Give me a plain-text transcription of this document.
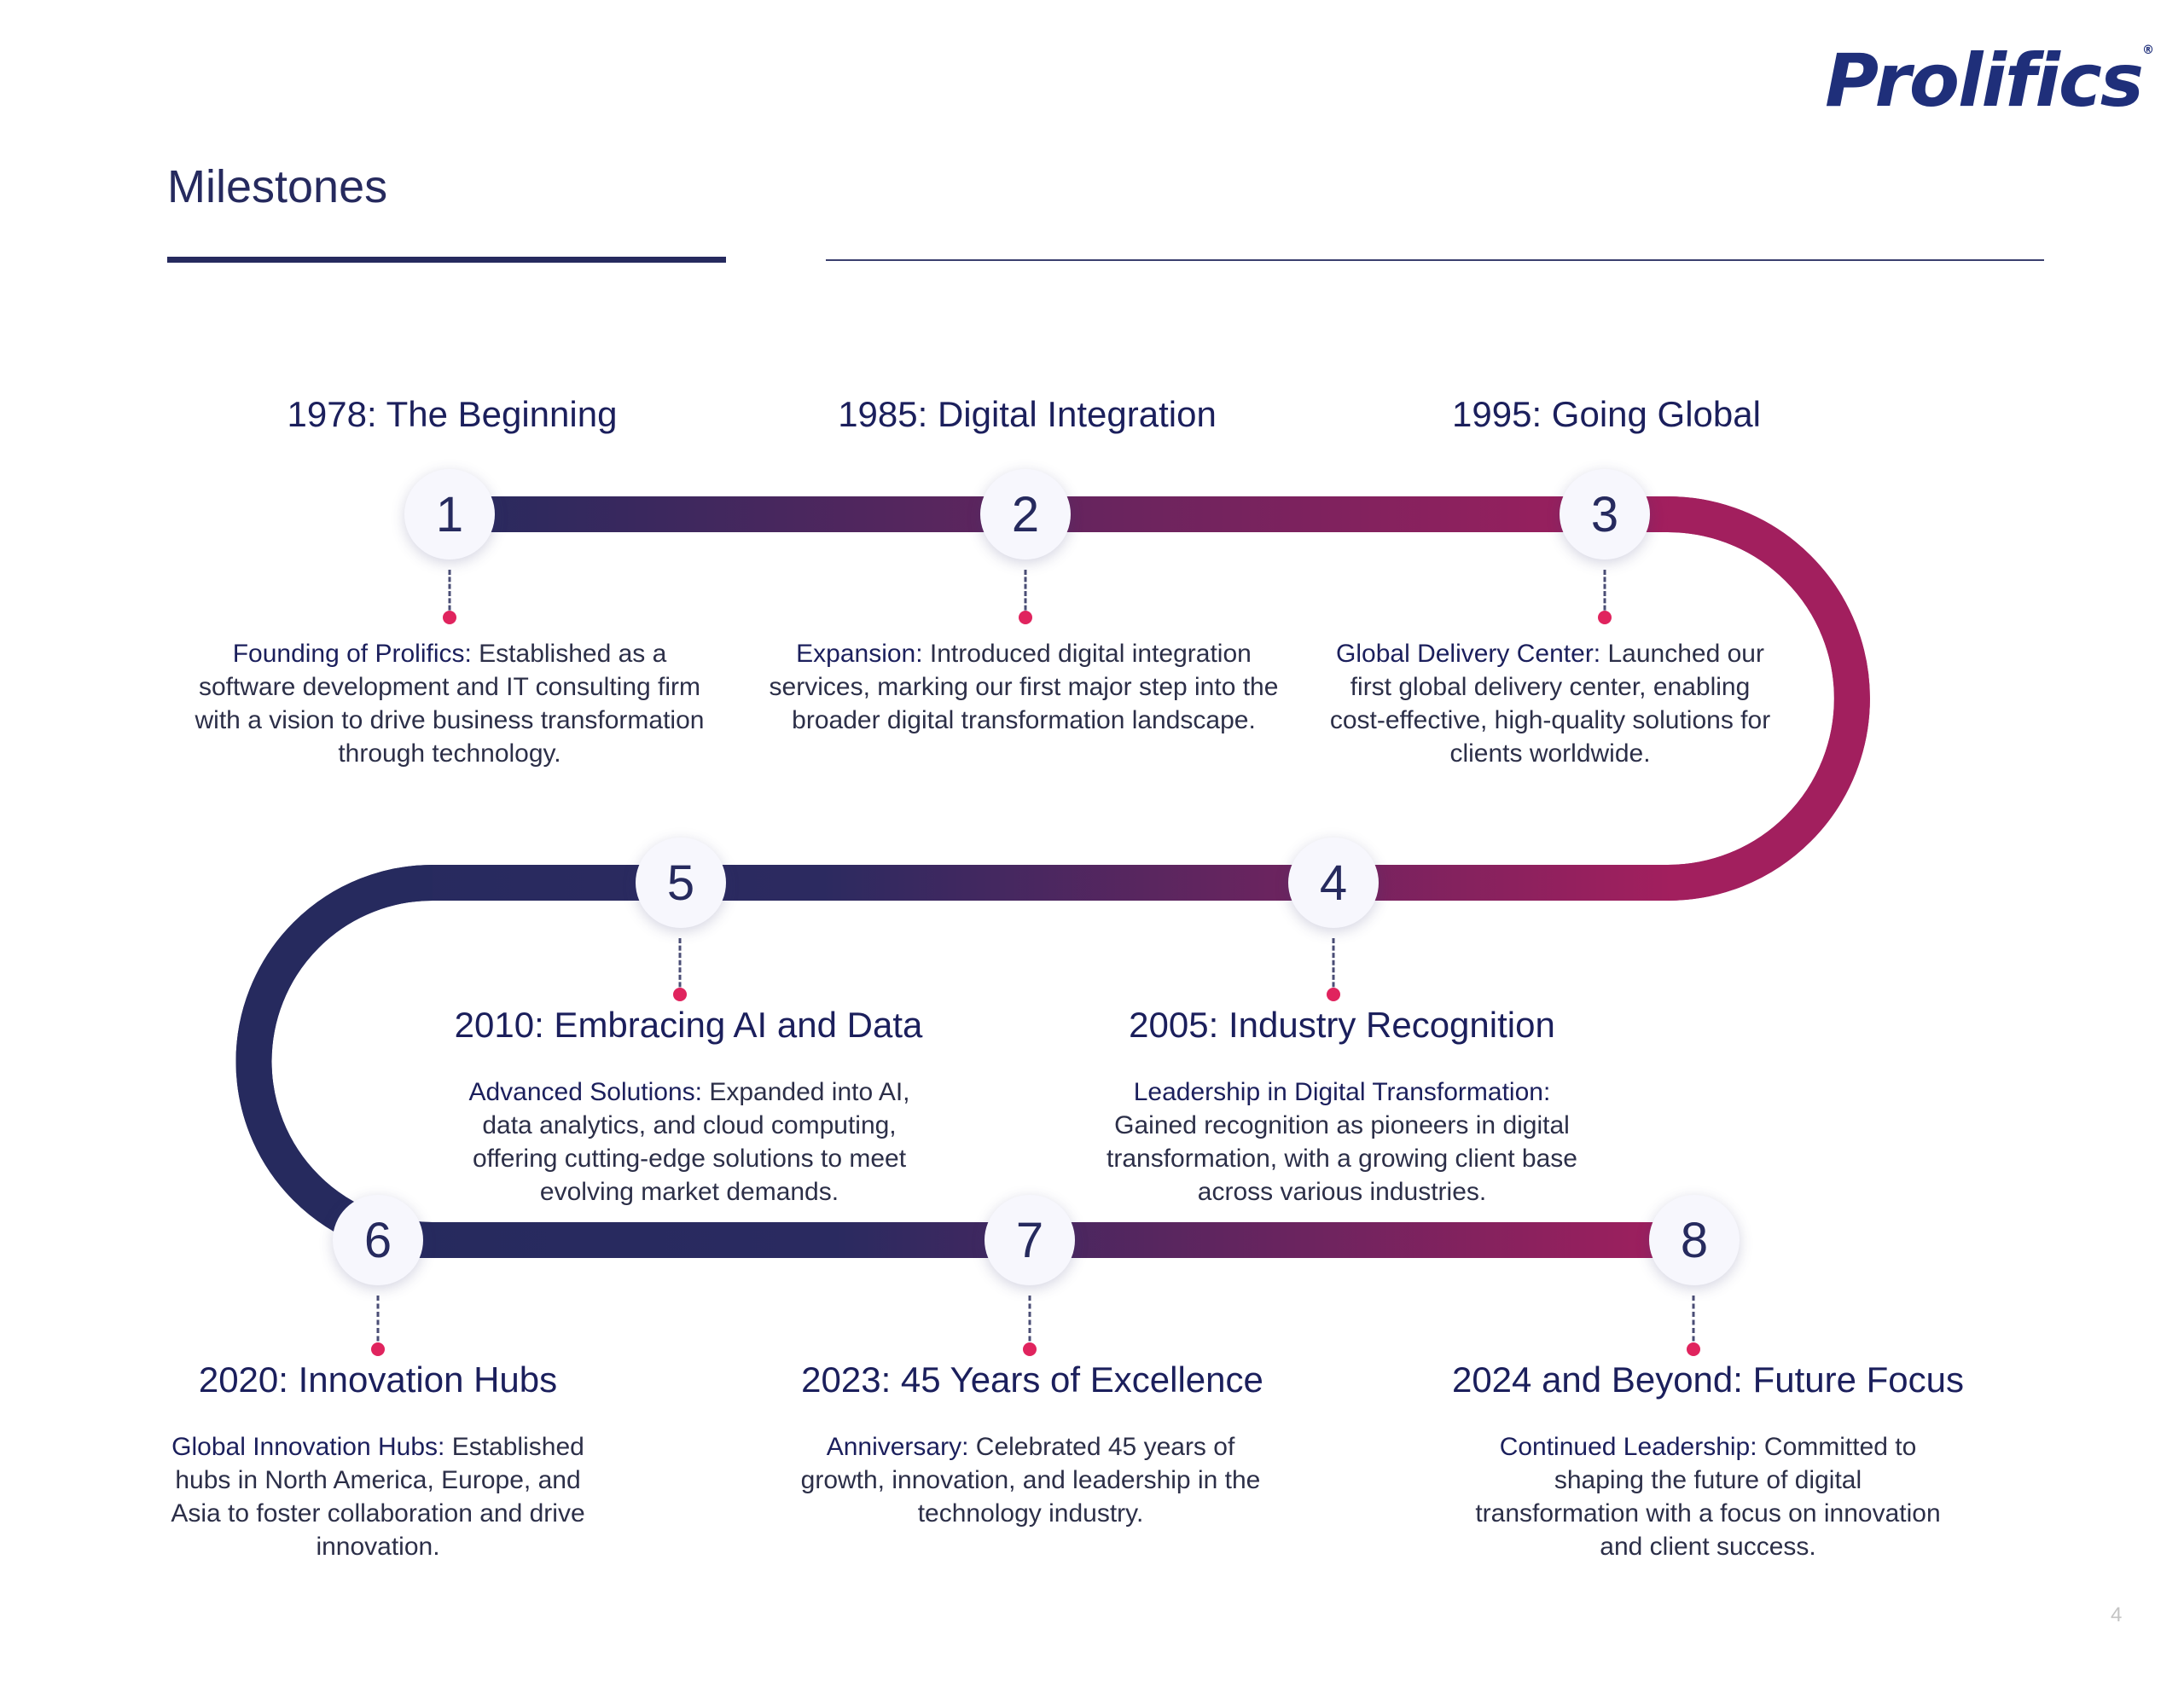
Prolifics®
Milestones
1978: The Beginning
1
Founding of Prolifics: Established as a software development and IT consulting firm with a vision to drive business transformation through technology.
1985: Digital Integration
2
Expansion: Introduced digital integration services, marking our first major step into the broader digital transformation landscape.
1995: Going Global
3
Global Delivery Center: Launched our first global delivery center, enabling cost-effective, high-quality solutions for clients worldwide.
4
2005: Industry Recognition
Leadership in Digital Transformation: Gained recognition as pioneers in digital transformation, with a growing client base across various industries.
5
2010: Embracing AI and Data
Advanced Solutions: Expanded into AI, data analytics, and cloud computing, offering cutting-edge solutions to meet evolving market demands.
6
2020: Innovation Hubs
Global Innovation Hubs: Established hubs in North America, Europe, and Asia to foster collaboration and drive innovation.
7
2023: 45 Years of Excellence
Anniversary: Celebrated 45 years of growth, innovation, and leadership in the technology industry.
8
2024 and Beyond: Future Focus
Continued Leadership: Committed to shaping the future of digital transformation with a focus on innovation and client success.
4
